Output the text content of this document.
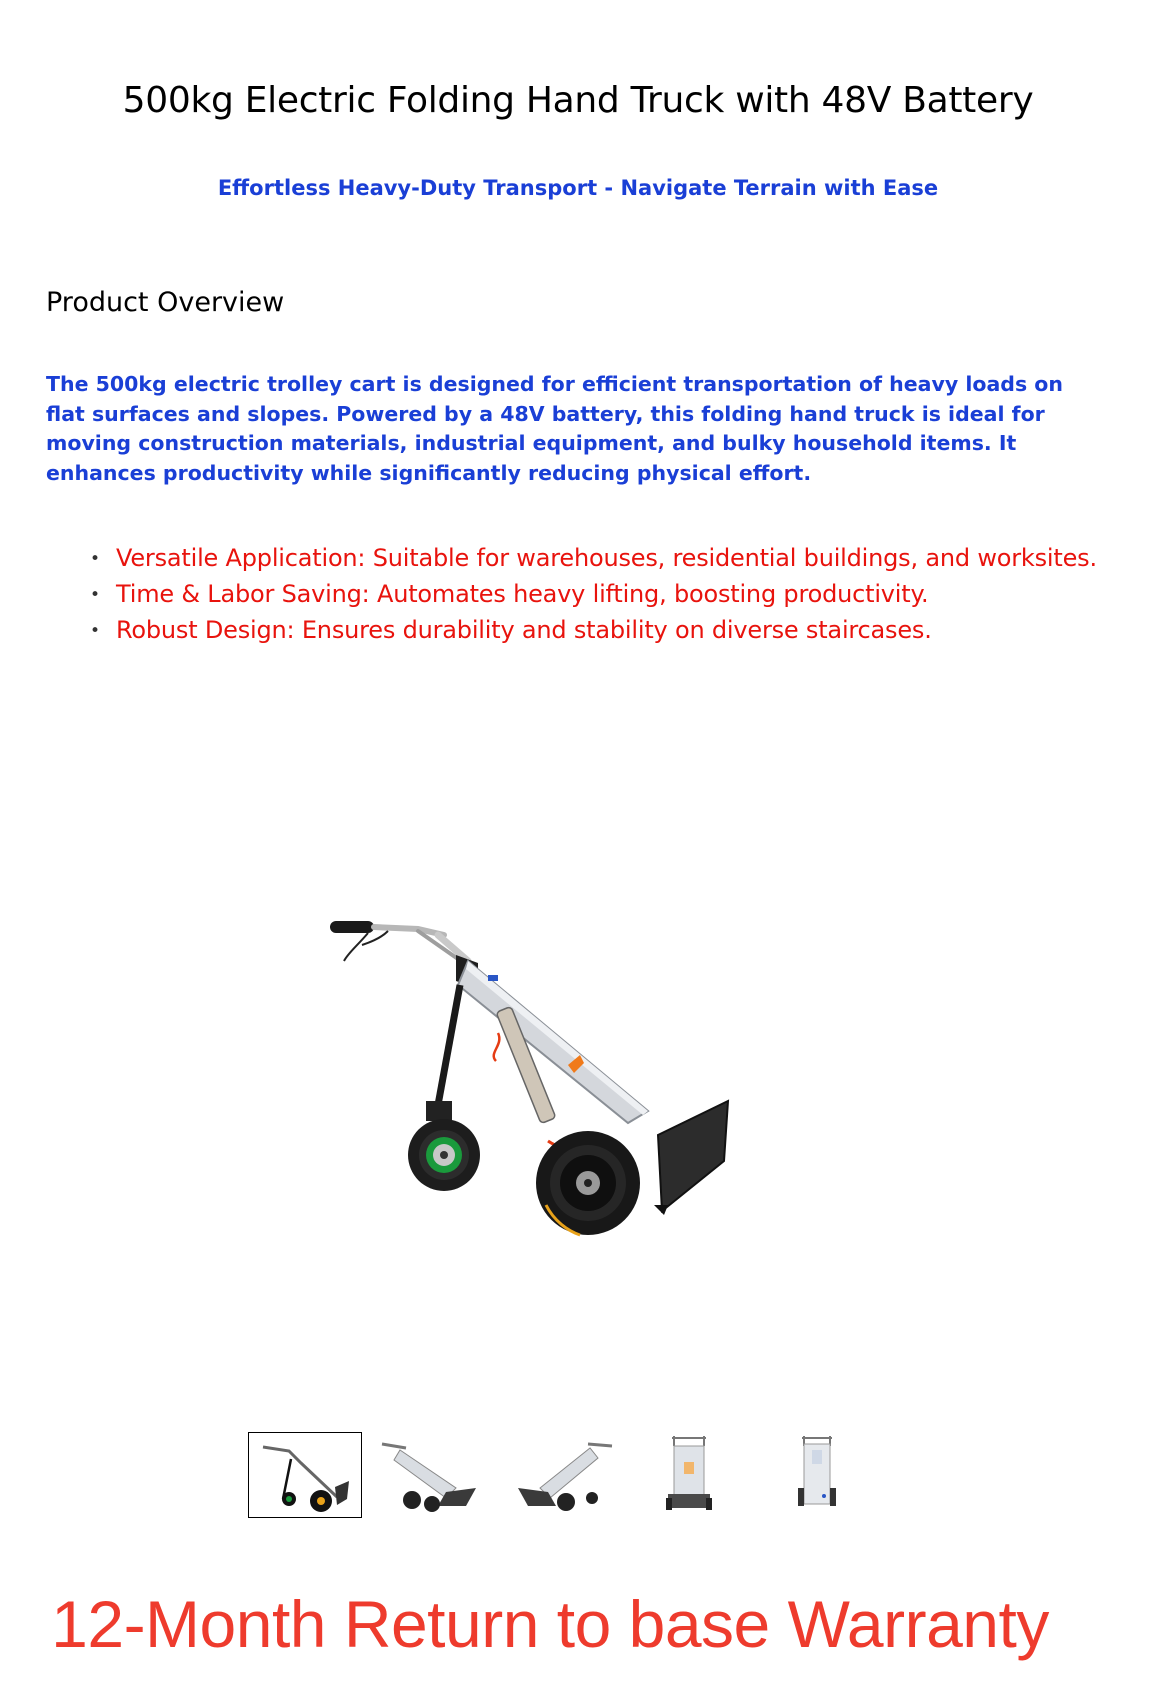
500kg Electric Folding Hand Truck with 48V Battery

Effortless Heavy-Duty Transport - Navigate Terrain with Ease

Product Overview

The 500kg electric trolley cart is designed for efficient transportation of heavy loads on flat surfaces and slopes. Powered by a 48V battery, this folding hand truck is ideal for moving construction materials, industrial equipment, and bulky household items. It enhances productivity while significantly reducing physical effort.

• Versatile Application: Suitable for warehouses, residential buildings, and worksites.
• Time & Labor Saving: Automates heavy lifting, boosting productivity.
• Robust Design: Ensures durability and stability on diverse staircases.
12-Month Return to base Warranty
